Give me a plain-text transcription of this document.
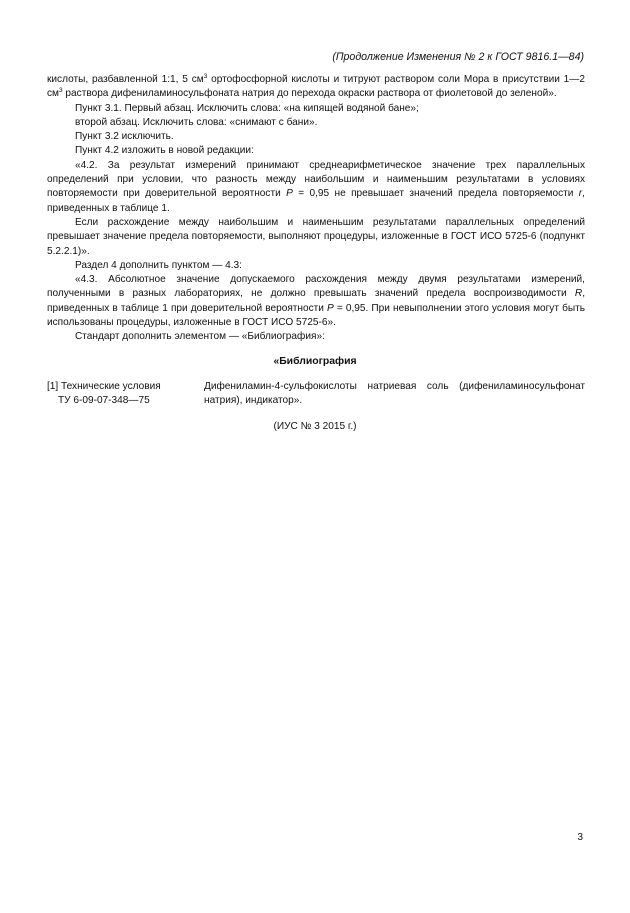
(Продолжение Изменения № 2 к ГОСТ 9816.1—84)
кислоты, разбавленной 1:1, 5 $см^3$ ортофосфорной кислоты и титруют раствором соли Мора в присутствии 1—2 $см^3$ раствора дифениламиносульфоната натрия до перехода окраски раствора от фиолетовой до зеленой».
Пункт 3.1. Первый абзац. Исключить слова: «на кипящей водяной бане»;
второй абзац. Исключить слова: «снимают с бани».
Пункт 3.2 исключить.
Пункт 4.2 изложить в новой редакции:
«4.2. За результат измерений принимают среднеарифметическое значение трех параллельных определений при условии, что разность между наибольшим и наименьшим результатами в условиях повторяемости при доверительной вероятности P = 0,95 не превышает значений предела повторяемости r, приведенных в таблице 1.
Если расхождение между наибольшим и наименьшим результатами параллельных определений превышает значение предела повторяемости, выполняют процедуры, изложенные в ГОСТ ИСО 5725-6 (подпункт 5.2.2.1)».
Раздел 4 дополнить пунктом — 4.3:
«4.3. Абсолютное значение допускаемого расхождения между двумя результатами измерений, полученными в разных лабораториях, не должно превышать значений предела воспроизводимости R, приведенных в таблице 1 при доверительной вероятности P = 0,95. При невыполнении этого условия могут быть использованы процедуры, изложенные в ГОСТ ИСО 5725-6».
Стандарт дополнить элементом — «Библиография»:
«Библиография
[1] Технические условия
ТУ 6-09-07-348—75
Дифениламин-4-сульфокислоты натриевая соль (дифениламиносульфонат натрия), индикатор».
(ИУС № 3 2015 г.)
3
